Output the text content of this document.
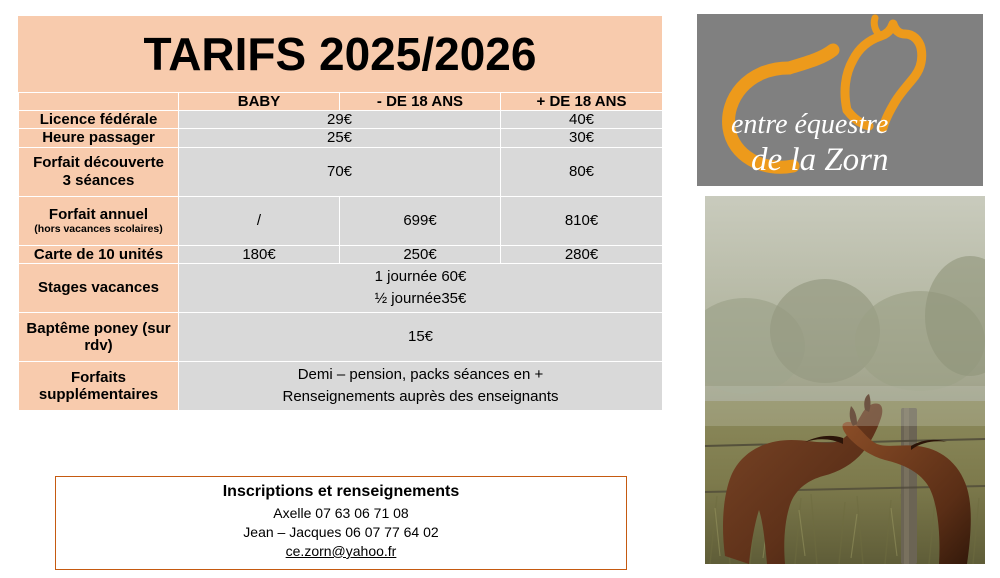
TARIFS 2025/2026
	BABY	- DE 18 ANS	+ DE 18 ANS
Licence fédérale	29€		40€
Heure passager	25€		30€
Forfait découverte
3 séances	70€		80€
Forfait annuel
(hors vacances scolaires)	/	699€	810€
Carte de 10 unités	180€	250€	280€
Stages vacances	1 journée 60€
½ journée35€		

Baptême poney (sur
rdv)	15€		

Forfaits
supplémentaires	Demi – pension, packs séances en +
Renseignements auprès des enseignants		
Inscriptions et renseignements
Axelle 07 63 06 71 08
Jean – Jacques 06 07 77 64 02
ce.zorn@yahoo.fr
entre équestre
de la Zorn
